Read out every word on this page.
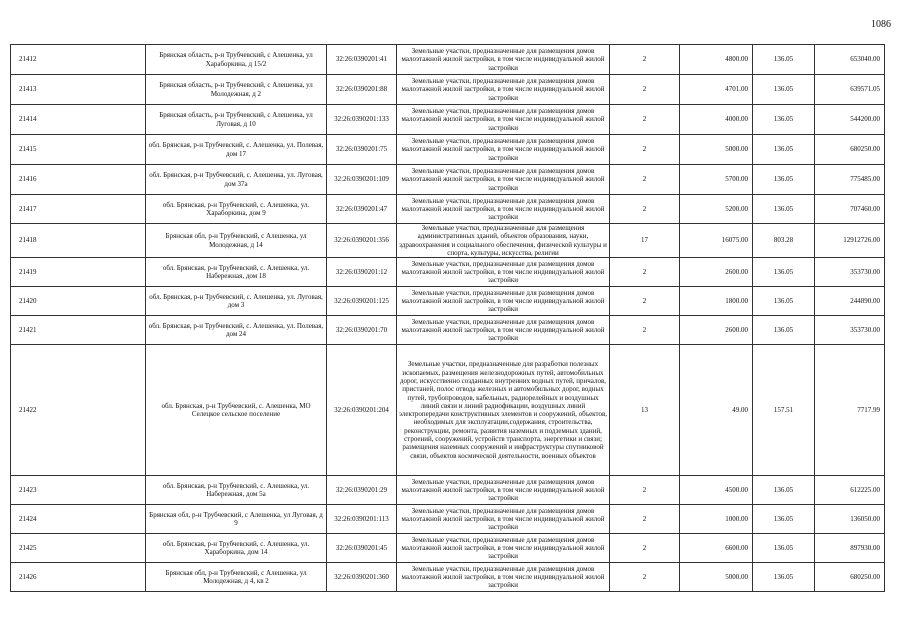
1086
21412	Брянская область, р-н Трубчевский, с Алешенка, ул Хараборкина, д 15/2	32:26:0390201:41	Земельные участки, предназначенные для размещения домов малоэтажной жилой застройки, в том числе индивидуальной жилой застройки	2	4800.00	136.05	653040.00
21413	Брянская область, р-н Трубчевский, с Алешенка, ул Молодежная, д 2	32:26:0390201:88	Земельные участки, предназначенные для размещения домов малоэтажной жилой застройки, в том числе индивидуальной жилой застройки	2	4701.00	136.05	639571.05
21414	Брянская область, р-н Трубчевский, с Алешенка, ул Луговая, д 10	32:26:0390201:133	Земельные участки, предназначенные для размещения домов малоэтажной жилой застройки, в том числе индивидуальной жилой застройки	2	4000.00	136.05	544200.00
21415	обл. Брянская, р-н Трубчевский, с. Алешенка, ул. Полевая, дом 17	32:26:0390201:75	Земельные участки, предназначенные для размещения домов малоэтажной жилой застройки, в том числе индивидуальной жилой застройки	2	5000.00	136.05	680250.00
21416	обл. Брянская, р-н Трубчевский, с. Алешенка, ул. Луговая, дом 37а	32:26:0390201:109	Земельные участки, предназначенные для размещения домов малоэтажной жилой застройки, в том числе индивидуальной жилой застройки	2	5700.00	136.05	775485.00
21417	обл. Брянская, р-н Трубчевский, с. Алешенка, ул. Хараборкина, дом 9	32:26:0390201:47	Земельные участки, предназначенные для размещения домов малоэтажной жилой застройки, в том числе индивидуальной жилой застройки	2	5200.00	136.05	707460.00
21418	Брянская обл, р-н Трубчевский, с Алешенка, ул Молодежная, д 14	32:26:0390201:356	Земельные участки, предназначенные для размещения административных зданий, объектов образования, науки, здравоохранения и социального обеспечения, физической культуры и спорта, культуры, искусства, религии	17	16075.00	803.28	12912726.00
21419	обл. Брянская, р-н Трубчевский, с. Алешенка, ул. Набережная, дом 18	32:26:0390201:12	Земельные участки, предназначенные для размещения домов малоэтажной жилой застройки, в том числе индивидуальной жилой застройки	2	2600.00	136.05	353730.00
21420	обл. Брянская, р-н Трубчевский, с. Алешенка, ул. Луговая, дом 3	32:26:0390201:125	Земельные участки, предназначенные для размещения домов малоэтажной жилой застройки, в том числе индивидуальной жилой застройки	2	1800.00	136.05	244890.00
21421	обл. Брянская, р-н Трубчевский, с. Алешенка, ул. Полевая, дом 24	32:26:0390201:70	Земельные участки, предназначенные для размещения домов малоэтажной жилой застройки, в том числе индивидуальной жилой застройки	2	2600.00	136.05	353730.00
21422	обл. Брянская, р-н Трубчевский, с. Алешенка, МО Селецкое сельское поселение	32:26:0390201:204	Земельные участки, предназначенные для разработки полезных ископаемых, размещения железнодорожных путей, автомобильных дорог, искусственно созданных внутренних водных путей, причалов, пристаней, полос отвода железных и автомобильных дорог, водных путей, трубопроводов, кабельных, радиорелейных и воздушных линий связи и линий радиофикации, воздушных линий электропередачи конструктивных элементов и сооружений, объектов, необходимых для эксплуатации,содержания, строительства, реконструкции, ремонта, развития наземных и подземных зданий, строений, сооружений, устройств транспорта, энергетики и связи; размещения наземных сооружений и инфраструктуры спутниковой связи, объектов космической деятельности, военных объектов	13	49.00	157.51	7717.99
21423	обл. Брянская, р-н Трубчевский, с. Алешенка, ул. Набережная, дом 5а	32:26:0390201:29	Земельные участки, предназначенные для размещения домов малоэтажной жилой застройки, в том числе индивидуальной жилой застройки	2	4500.00	136.05	612225.00
21424	Брянская обл, р-н Трубчевский, с Алешенка, ул Луговая, д 9	32:26:0390201:113	Земельные участки, предназначенные для размещения домов малоэтажной жилой застройки, в том числе индивидуальной жилой застройки	2	1000.00	136.05	136050.00
21425	обл. Брянская, р-н Трубчевский, с. Алешенка, ул. Хараборкина, дом 14	32:26:0390201:45	Земельные участки, предназначенные для размещения домов малоэтажной жилой застройки, в том числе индивидуальной жилой застройки	2	6600.00	136.05	897930.00
21426	Брянская обл, р-н Трубчевский, с Алешенка, ул Молодежная, д 4, кв 2	32:26:0390201:360	Земельные участки, предназначенные для размещения домов малоэтажной жилой застройки, в том числе индивидуальной жилой застройки	2	5000.00	136.05	680250.00
